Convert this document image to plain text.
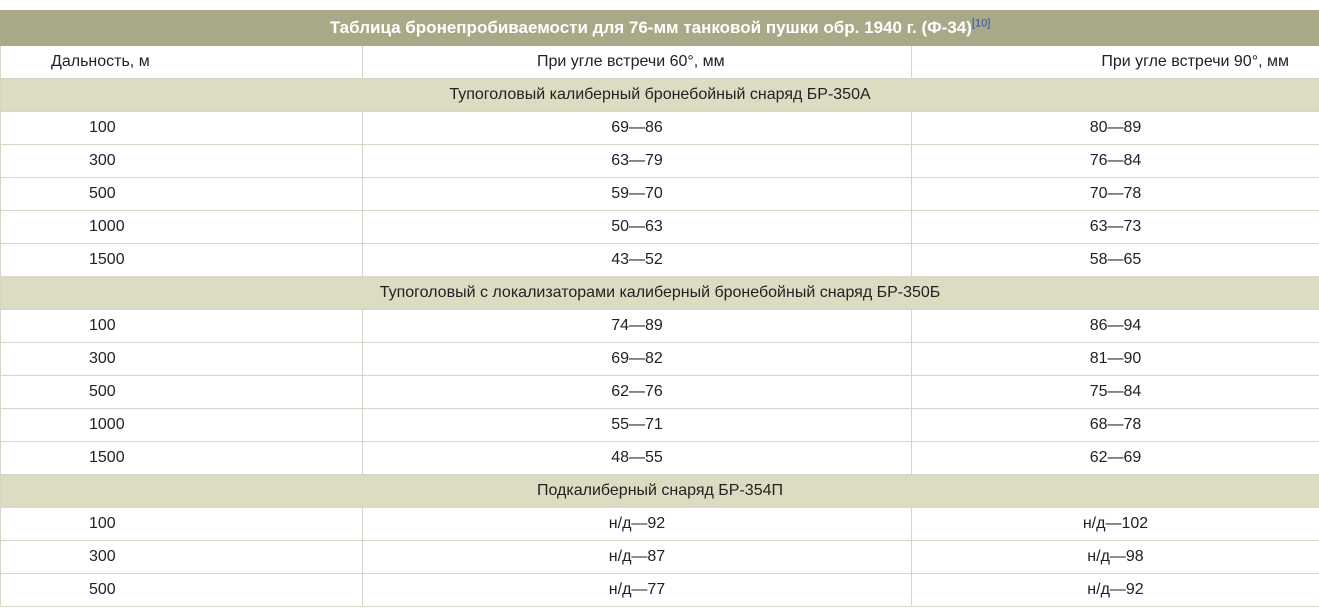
Таблица бронепробиваемости для 76-мм танковой пушки обр. 1940 г. (Ф-34)[10]
Дальность, м	При угле встречи 60°, мм	При угле встречи 90°, мм
Тупоголовый калиберный бронебойный снаряд БР-350А		
100	69—86	80—89
300	63—79	76—84
500	59—70	70—78
1000	50—63	63—73
1500	43—52	58—65
Тупоголовый с локализаторами калиберный бронебойный снаряд БР-350Б		
100	74—89	86—94
300	69—82	81—90
500	62—76	75—84
1000	55—71	68—78
1500	48—55	62—69
Подкалиберный снаряд БР-354П		
100	н/д—92	н/д—102
300	н/д—87	н/д—98
500	н/д—77	н/д—92
